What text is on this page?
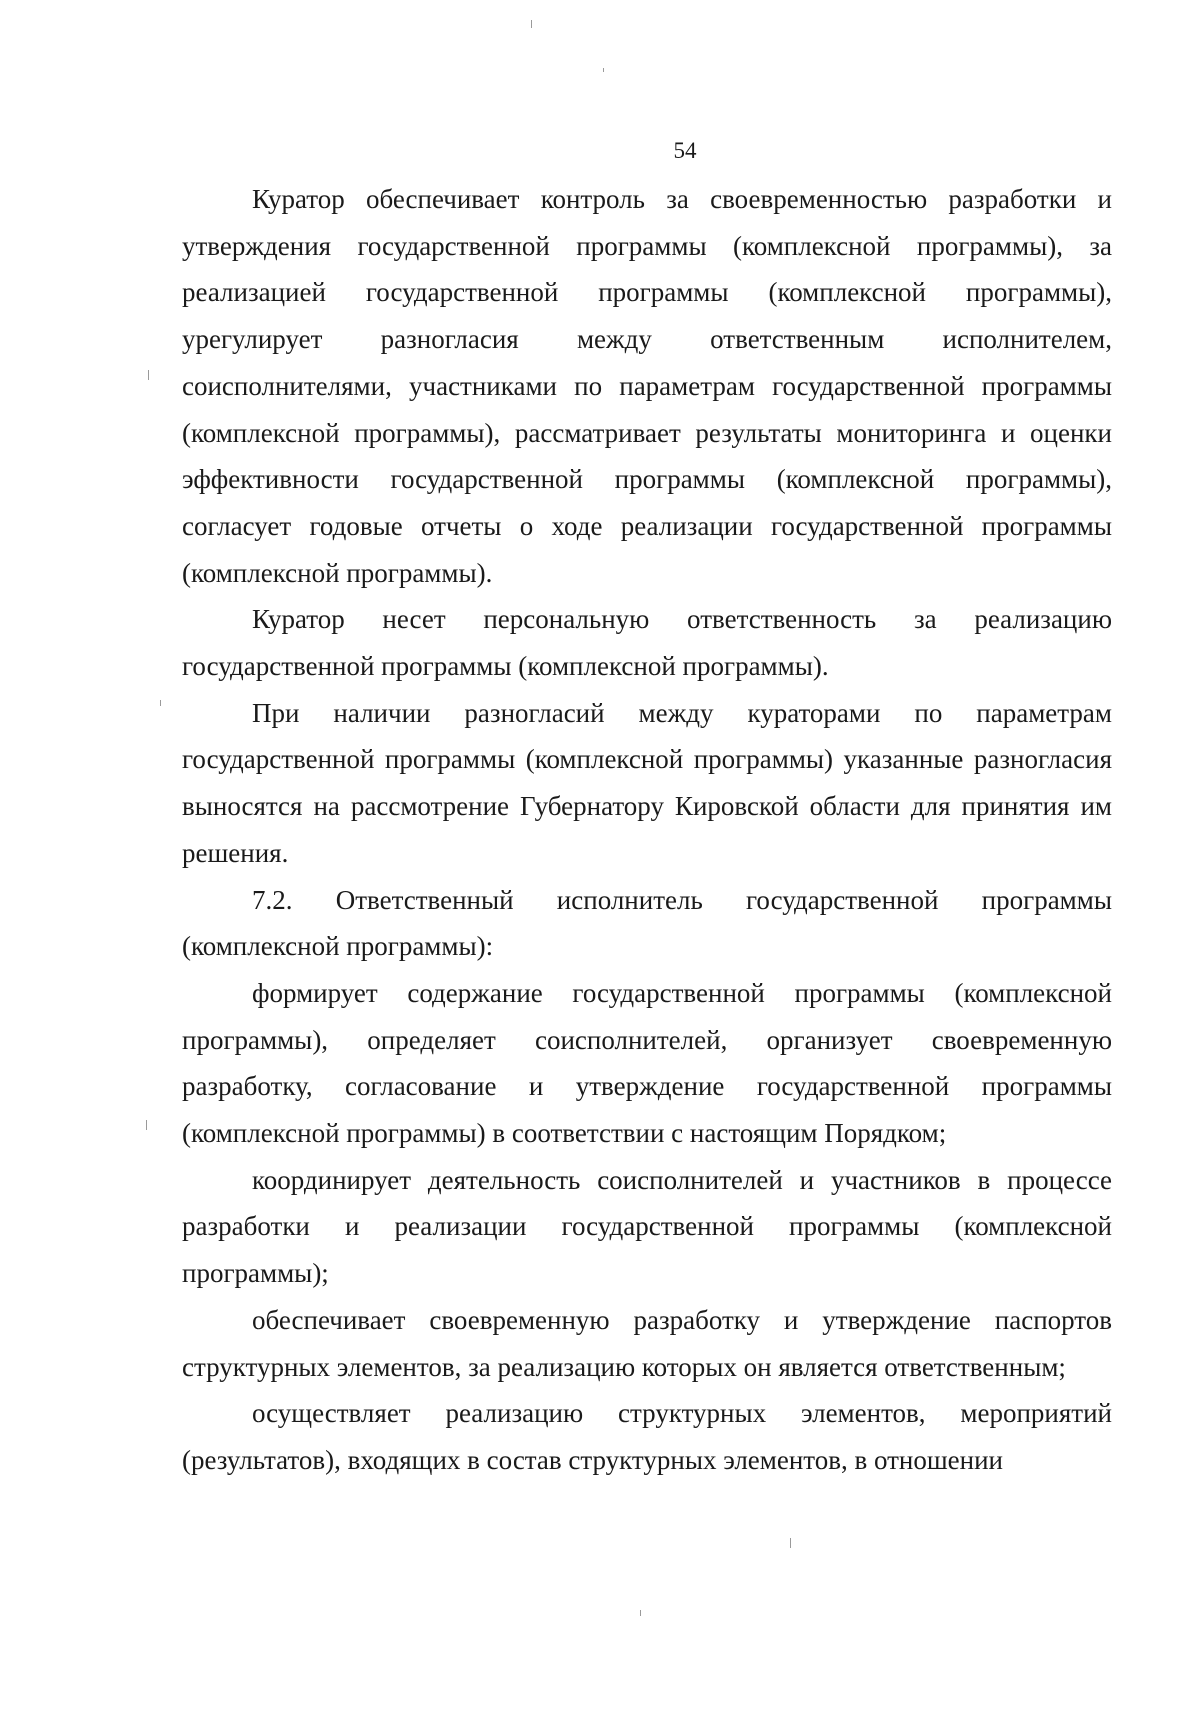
54

Куратор обеспечивает контроль за своевременностью разработки и утверждения государственной программы (комплексной программы), за реализацией государственной программы (комплексной программы), урегулирует разногласия между ответственным исполнителем, соисполнителями, участниками по параметрам государственной программы (комплексной программы), рассматривает результаты мониторинга и оценки эффективности государственной программы (комплексной программы), согласует годовые отчеты о ходе реализации государственной программы (комплексной программы).

Куратор несет персональную ответственность за реализацию государственной программы (комплексной программы).

При наличии разногласий между кураторами по параметрам государственной программы (комплексной программы) указанные разногласия выносятся на рассмотрение Губернатору Кировской области для принятия им решения.

7.2. Ответственный исполнитель государственной программы (комплексной программы):

формирует содержание государственной программы (комплексной программы), определяет соисполнителей, организует своевременную разработку, согласование и утверждение государственной программы (комплексной программы) в соответствии с настоящим Порядком;

координирует деятельность соисполнителей и участников в процессе разработки и реализации государственной программы (комплексной программы);

обеспечивает своевременную разработку и утверждение паспортов структурных элементов, за реализацию которых он является ответственным;

осуществляет реализацию структурных элементов, мероприятий (результатов), входящих в состав структурных элементов, в отношении
